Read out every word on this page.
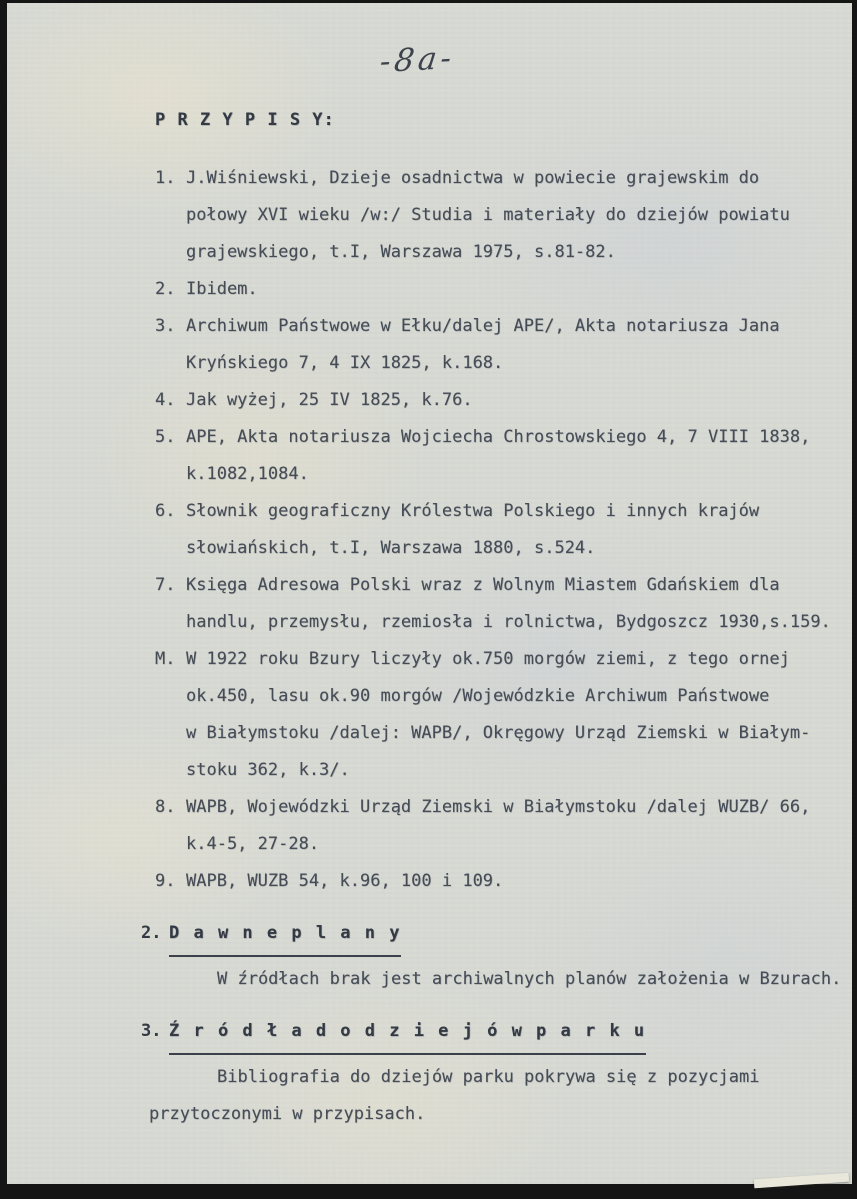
-8a-

P R Z Y P I S Y:

1. J.Wiśniewski, Dzieje osadnictwa w powiecie grajewskim do
połowy XVI wieku /w:/ Studia i materiały do dziejów powiatu
grajewskiego, t.I, Warszawa 1975, s.81-82.
2. Ibidem.
3. Archiwum Państwowe w Ełku/dalej APE/, Akta notariusza Jana
Kryńskiego 7, 4 IX 1825, k.168.
4. Jak wyżej, 25 IV 1825, k.76.
5. APE, Akta notariusza Wojciecha Chrostowskiego 4, 7 VIII 1838,
k.1082,1084.
6. Słownik geograficzny Królestwa Polskiego i innych krajów
słowiańskich, t.I, Warszawa 1880, s.524.
7. Księga Adresowa Polski wraz z Wolnym Miastem Gdańskiem dla
handlu, przemysłu, rzemiosła i rolnictwa, Bydgoszcz 1930,s.159.
M. W 1922 roku Bzury liczyły ok.750 morgów ziemi, z tego ornej
ok.450, lasu ok.90 morgów /Wojewódzkie Archiwum Państwowe
w Białymstoku /dalej: WAPB/, Okręgowy Urząd Ziemski w Białym-
stoku 362, k.3/.
8. WAPB, Wojewódzki Urząd Ziemski w Białymstoku /dalej WUZB/ 66,
k.4-5, 27-28.
9. WAPB, WUZB 54, k.96, 100 i 109.
2. D a w n e p l a n y
W źródłach brak jest archiwalnych planów założenia w Bzurach.
3. Ź r ó d ł a d o d z i e j ó w p a r k u
Bibliografia do dziejów parku pokrywa się z pozycjami
przytoczonymi w przypisach.
